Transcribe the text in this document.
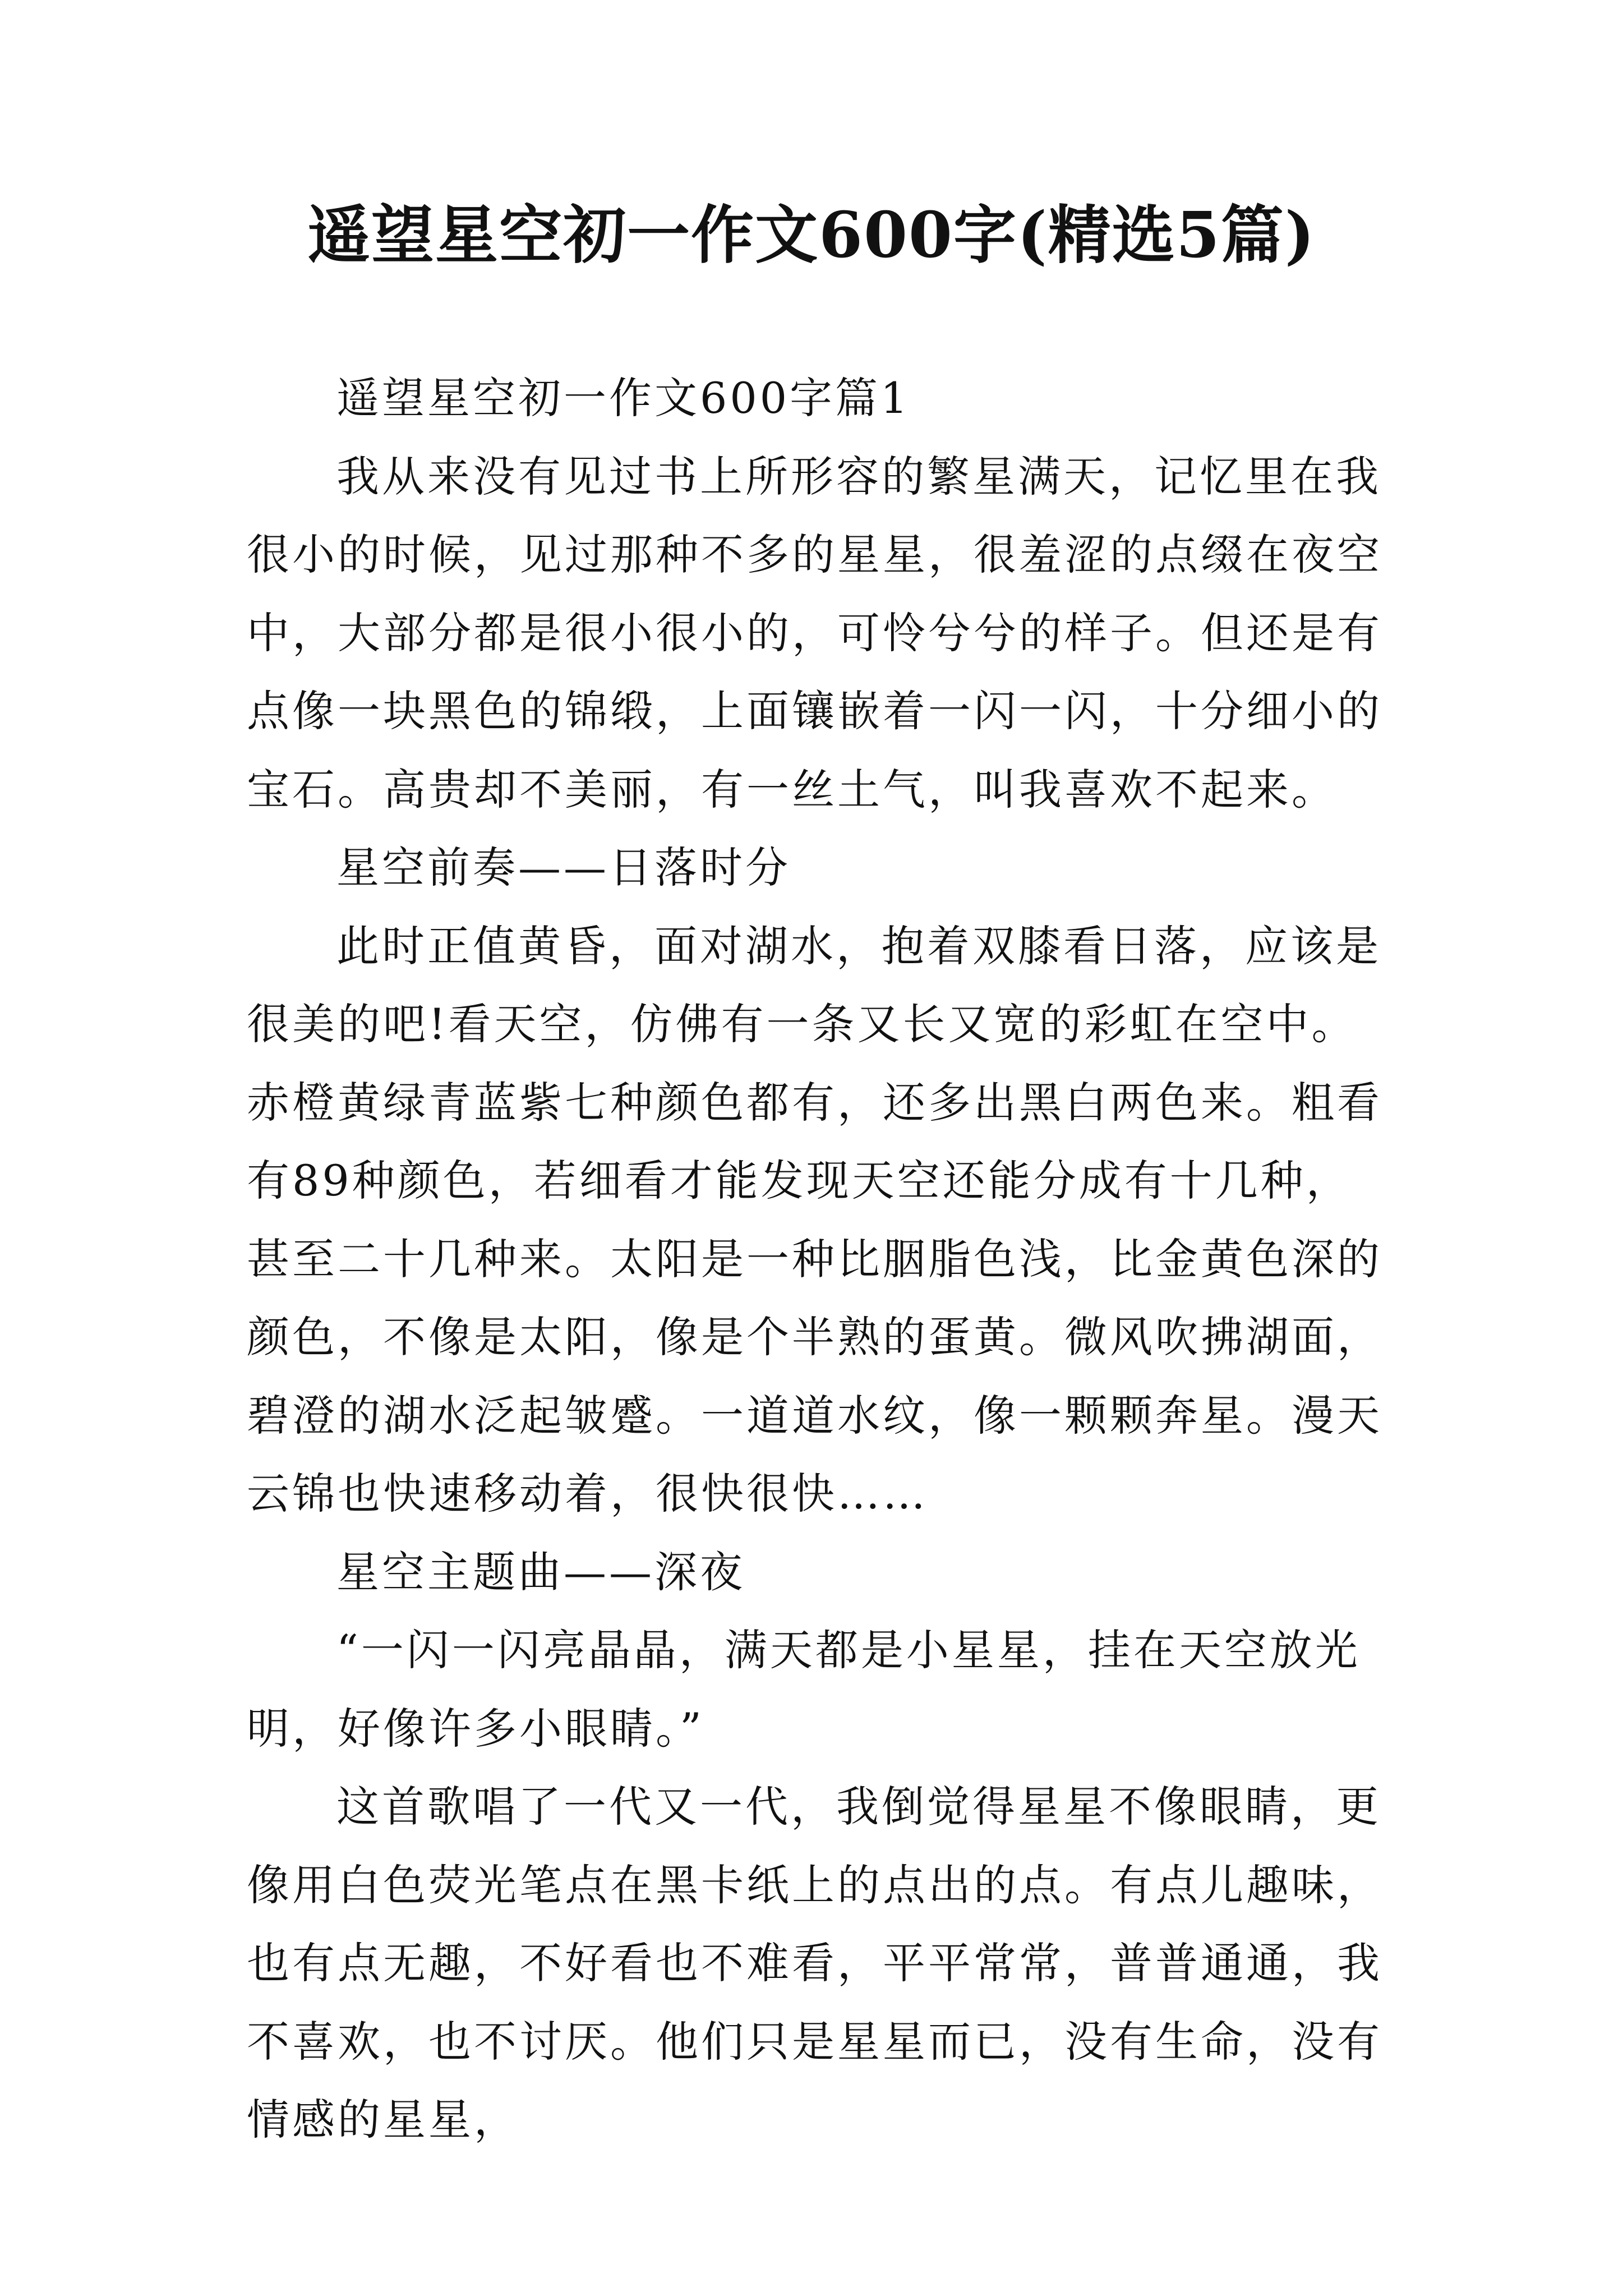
遥望星空初一作文600字(精选5篇)

遥望星空初一作文600字篇1

我从来没有见过书上所形容的繁星满天，记忆里在我很小的时候，见过那种不多的星星，很羞涩的点缀在夜空中，大部分都是很小很小的，可怜兮兮的样子。但还是有点像一块黑色的锦缎，上面镶嵌着一闪一闪，十分细小的宝石。高贵却不美丽，有一丝土气，叫我喜欢不起来。

星空前奏——日落时分

此时正值黄昏，面对湖水，抱着双膝看日落，应该是很美的吧!看天空，仿佛有一条又长又宽的彩虹在空中。赤橙黄绿青蓝紫七种颜色都有，还多出黑白两色来。粗看有89种颜色，若细看才能发现天空还能分成有十几种，甚至二十几种来。太阳是一种比胭脂色浅，比金黄色深的颜色，不像是太阳，像是个半熟的蛋黄。微风吹拂湖面，碧澄的湖水泛起皱蹙。一道道水纹，像一颗颗奔星。漫天云锦也快速移动着，很快很快……

星空主题曲——深夜

“一闪一闪亮晶晶，满天都是小星星，挂在天空放光明，好像许多小眼睛。”

这首歌唱了一代又一代，我倒觉得星星不像眼睛，更像用白色荧光笔点在黑卡纸上的点出的点。有点儿趣味，也有点无趣，不好看也不难看，平平常常，普普通通，我不喜欢，也不讨厌。他们只是星星而已，没有生命，没有情感的星星，
